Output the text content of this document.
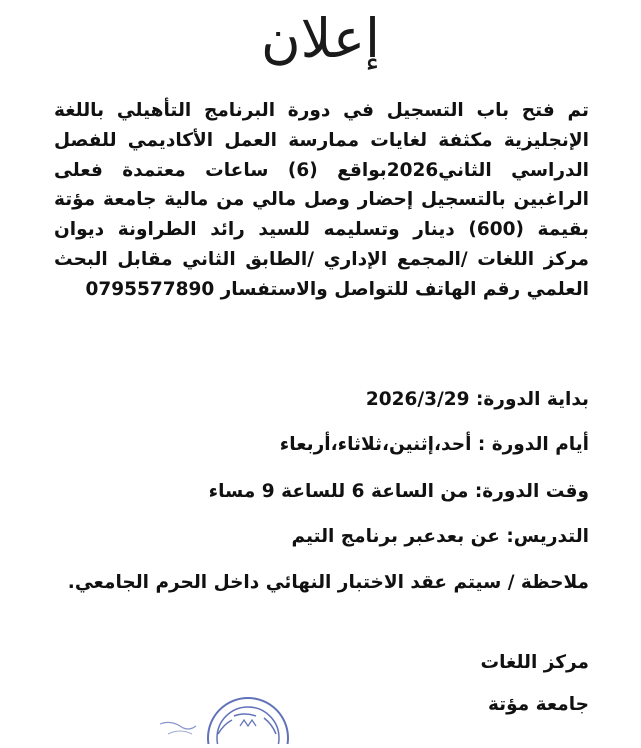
إعلان
تم فتح باب التسجيل في دورة البرنامج التأهيلي باللغة الإنجليزية مكثفة لغايات ممارسة العمل الأكاديمي للفصل الدراسي الثاني2026بواقع (6) ساعات معتمدة فعلى الراغبين بالتسجيل إحضار وصل مالي من مالية جامعة مؤتة بقيمة (600) دينار وتسليمه للسيد رائد الطراونة ديوان مركز اللغات /المجمع الإداري /الطابق الثاني مقابل البحث العلمي رقم الهاتف للتواصل والاستفسار 0795577890
بداية الدورة: 2026/3/29
أيام الدورة : أحد،إثنين،ثلاثاء،أربعاء
وقت الدورة: من الساعة 6 للساعة 9 مساء
التدريس: عن بعدعبر برنامج التيم
ملاحظة / سيتم عقد الاختبار النهائي داخل الحرم الجامعي.
مركز اللغات
جامعة مؤتة
